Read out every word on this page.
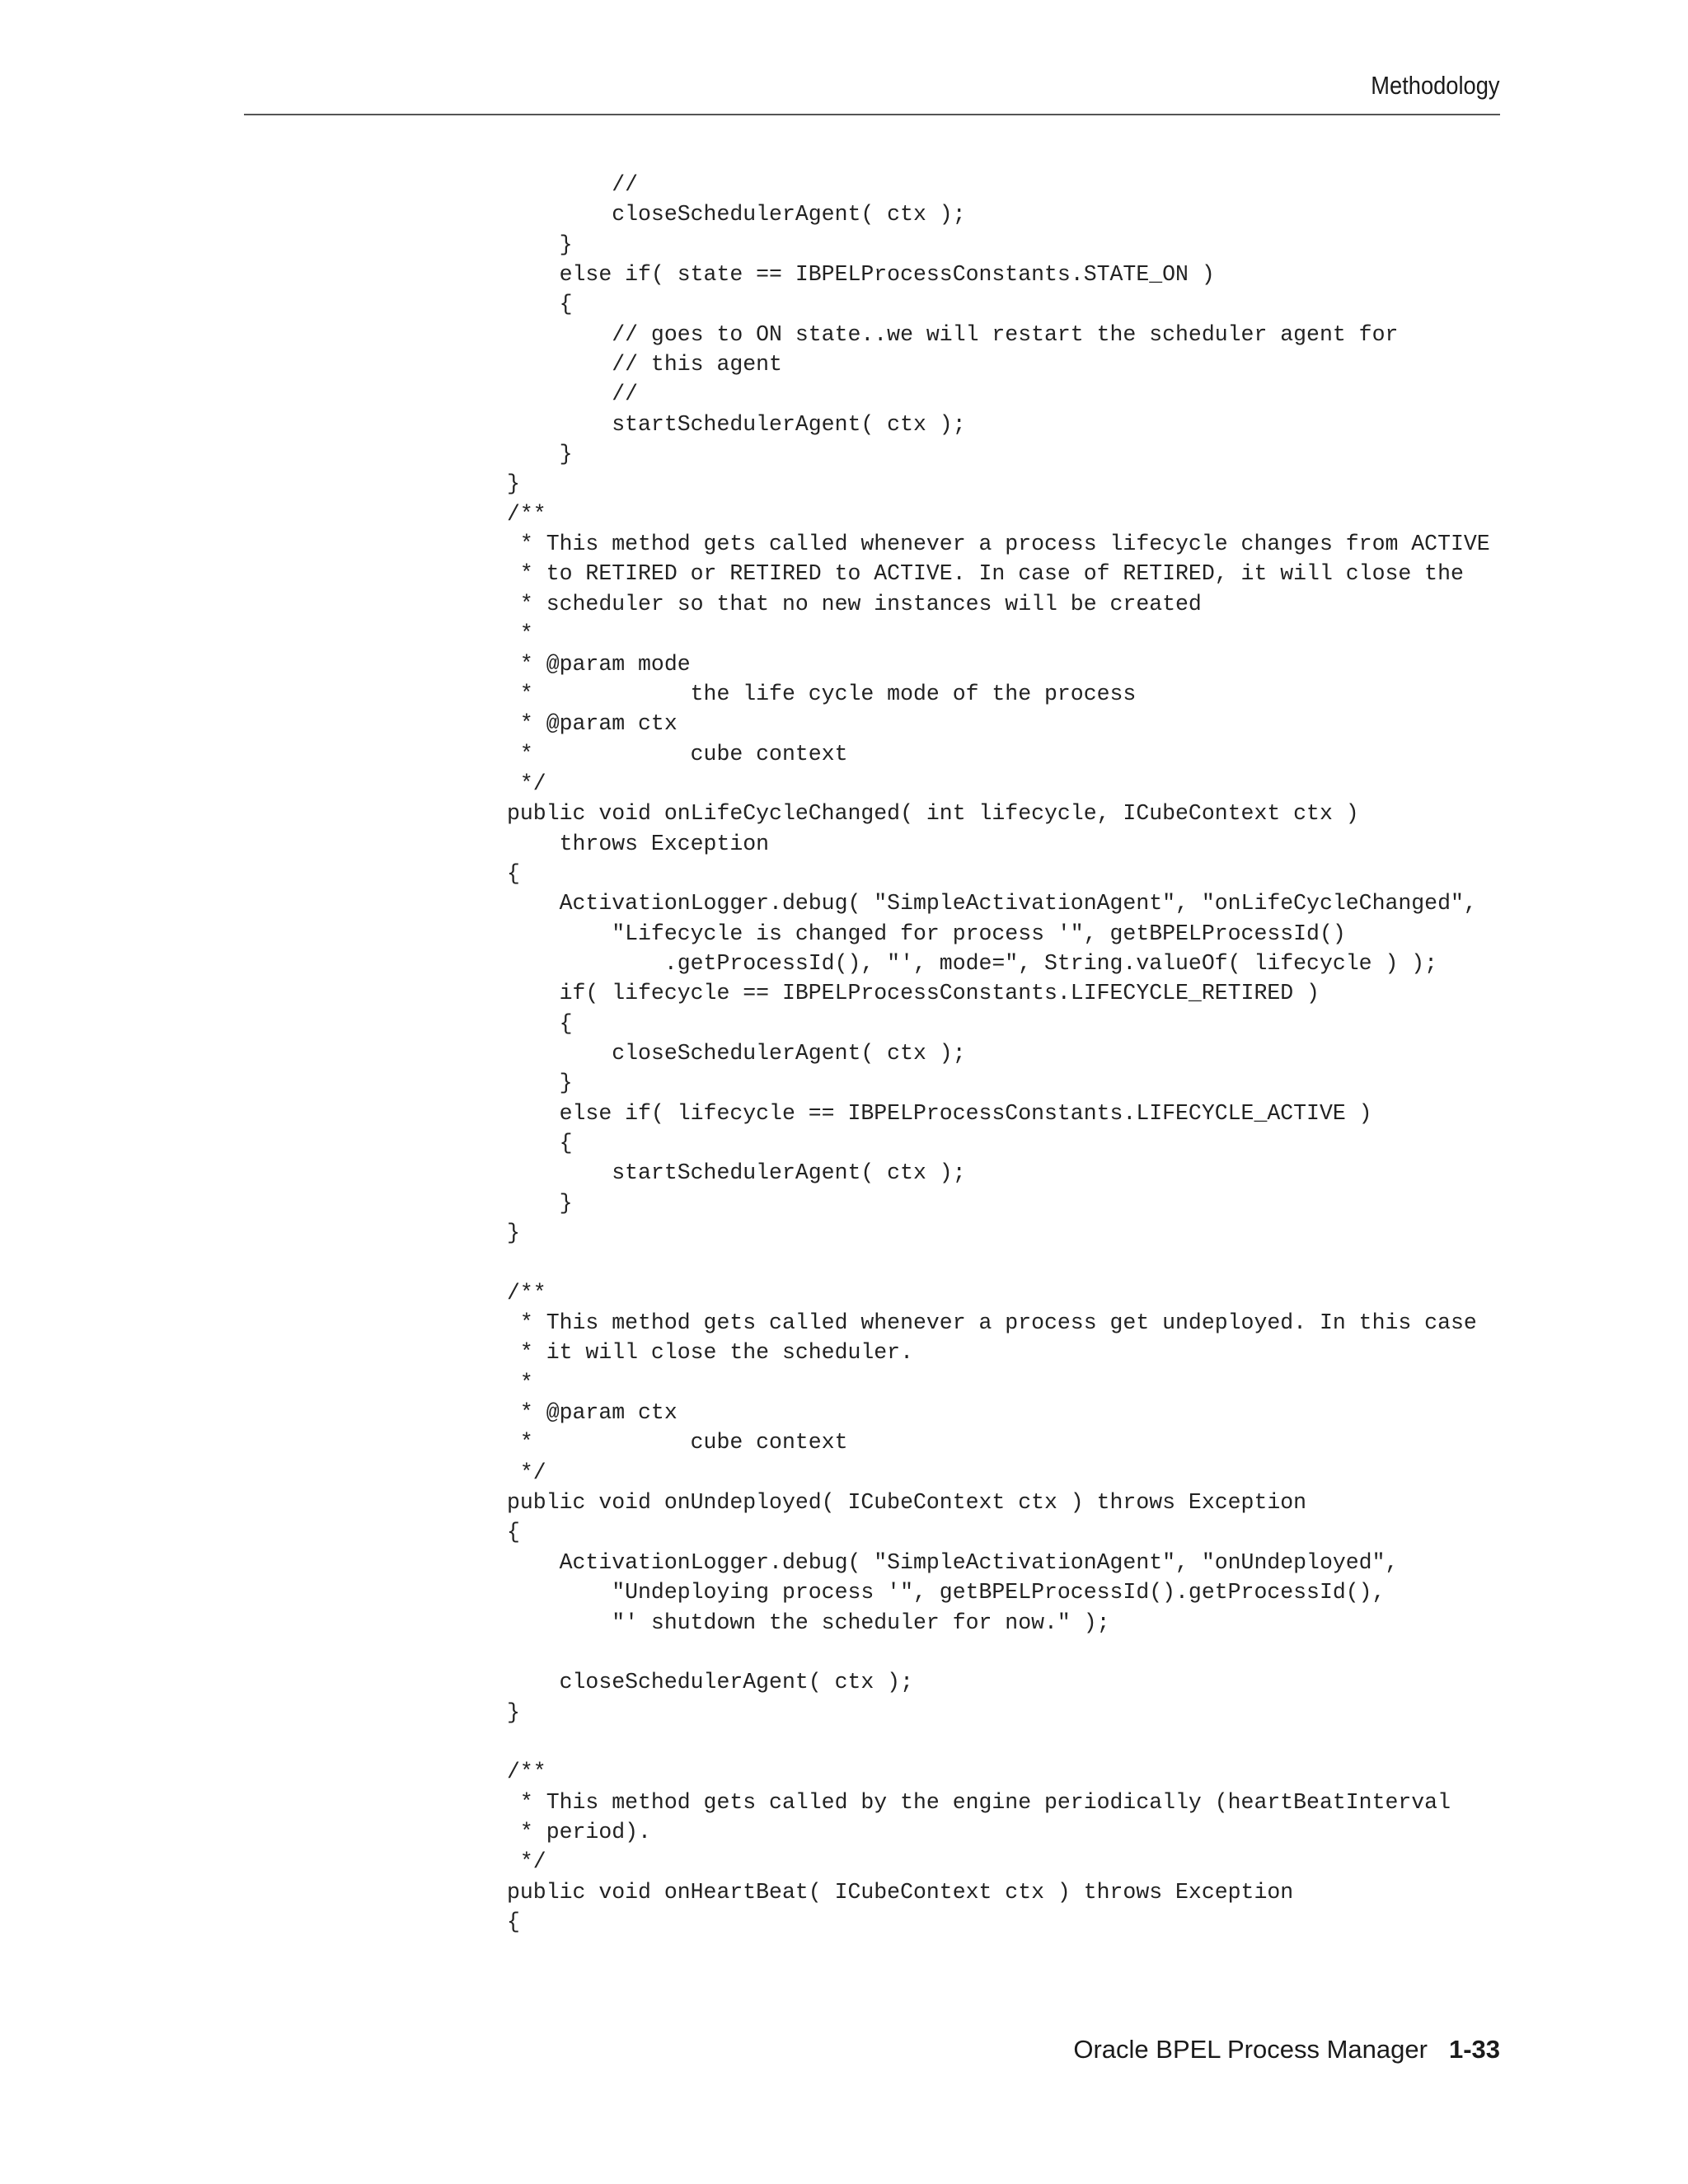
Methodology
//
closeSchedulerAgent( ctx );
}
else if( state == IBPELProcessConstants.STATE_ON )
{
// goes to ON state..we will restart the scheduler agent for
// this agent
//
startSchedulerAgent( ctx );
}
}
/**
* This method gets called whenever a process lifecycle changes from ACTIVE
* to RETIRED or RETIRED to ACTIVE. In case of RETIRED, it will close the
* scheduler so that no new instances will be created
*
* @param mode
*            the life cycle mode of the process
* @param ctx
*            cube context
*/
public void onLifeCycleChanged( int lifecycle, ICubeContext ctx )
throws Exception
{
ActivationLogger.debug( "SimpleActivationAgent", "onLifeCycleChanged",
"Lifecycle is changed for process '", getBPELProcessId()
.getProcessId(), "', mode=", String.valueOf( lifecycle ) );
if( lifecycle == IBPELProcessConstants.LIFECYCLE_RETIRED )
{
closeSchedulerAgent( ctx );
}
else if( lifecycle == IBPELProcessConstants.LIFECYCLE_ACTIVE )
{
startSchedulerAgent( ctx );
}
}

/**
* This method gets called whenever a process get undeployed. In this case
* it will close the scheduler.
*
* @param ctx
*            cube context
*/
public void onUndeployed( ICubeContext ctx ) throws Exception
{
ActivationLogger.debug( "SimpleActivationAgent", "onUndeployed",
"Undeploying process '", getBPELProcessId().getProcessId(),
"' shutdown the scheduler for now." );

closeSchedulerAgent( ctx );
}

/**
* This method gets called by the engine periodically (heartBeatInterval
* period).
*/
public void onHeartBeat( ICubeContext ctx ) throws Exception
{
Oracle BPEL Process Manager 1-33
